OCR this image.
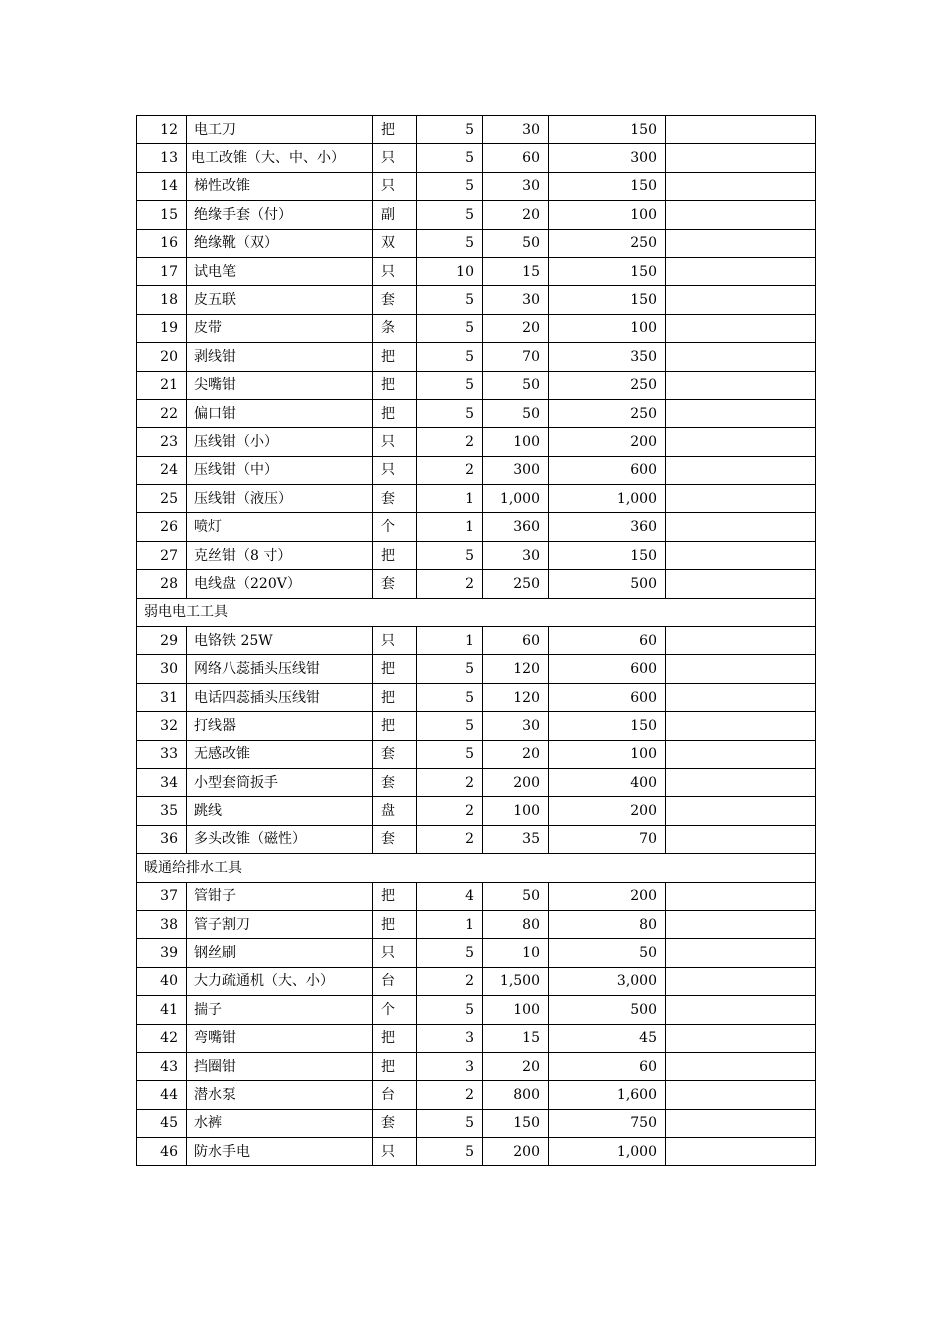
12	电工刀	把	5	30	150	
13	电工改锥（大、中、小）	只	5	60	300	
14	梯性改锥	只	5	30	150	
15	绝缘手套（付）	副	5	20	100	
16	绝缘靴（双）	双	5	50	250	
17	试电笔	只	10	15	150	
18	皮五联	套	5	30	150	
19	皮带	条	5	20	100	
20	剥线钳	把	5	70	350	
21	尖嘴钳	把	5	50	250	
22	偏口钳	把	5	50	250	
23	压线钳（小）	只	2	100	200	
24	压线钳（中）	只	2	300	600	
25	压线钳（液压）	套	1	1,000	1,000	
26	喷灯	个	1	360	360	
27	克丝钳（8 寸）	把	5	30	150	
28	电线盘（220V）	套	2	250	500	
弱电电工工具						
29	电铬铁 25W	只	1	60	60	
30	网络八蕊插头压线钳	把	5	120	600	
31	电话四蕊插头压线钳	把	5	120	600	
32	打线器	把	5	30	150	
33	无感改锥	套	5	20	100	
34	小型套筒扳手	套	2	200	400	
35	跳线	盘	2	100	200	
36	多头改锥（磁性）	套	2	35	70	
暖通给排水工具						
37	管钳子	把	4	50	200	
38	管子割刀	把	1	80	80	
39	钢丝刷	只	5	10	50	
40	大力疏通机（大、小）	台	2	1,500	3,000	
41	揣子	个	5	100	500	
42	弯嘴钳	把	3	15	45	
43	挡圈钳	把	3	20	60	
44	潜水泵	台	2	800	1,600	
45	水裤	套	5	150	750	
46	防水手电	只	5	200	1,000	
